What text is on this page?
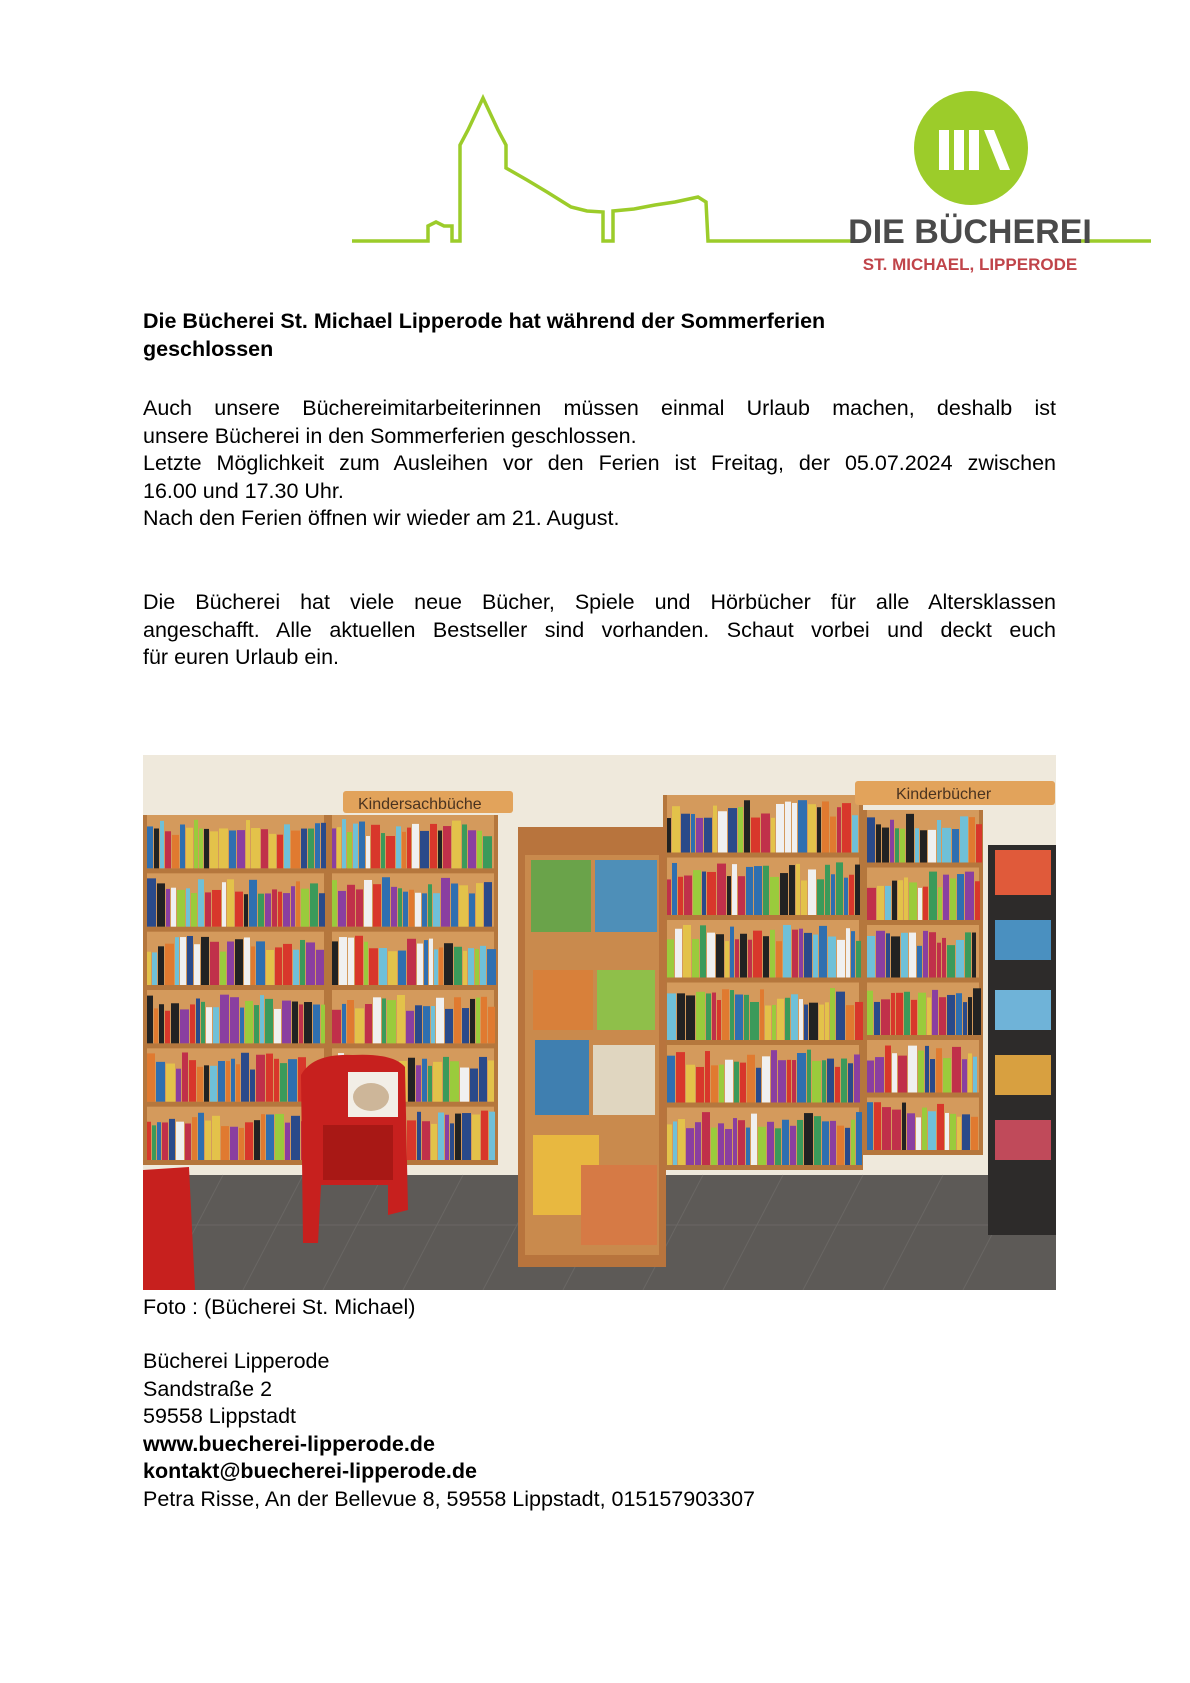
DIE BÜCHEREI
ST. MICHAEL, LIPPERODE
Die Bücherei St. Michael Lipperode hat während der Sommerferien geschlossen
Auch unsere Büchereimitarbeiterinnen müssen einmal Urlaub machen, deshalb ist
unsere Bücherei in den Sommerferien geschlossen.
Letzte Möglichkeit zum Ausleihen vor den Ferien ist Freitag, der 05.07.2024 zwischen
16.00 und 17.30 Uhr.
Nach den Ferien öffnen wir wieder am 21. August.
Die Bücherei hat viele neue Bücher, Spiele und Hörbücher für alle Altersklassen
angeschafft. Alle aktuellen Bestseller sind vorhanden. Schaut vorbei und deckt euch
für euren Urlaub ein.
Kindersachbüche
Kinderbücher
Foto : (Bücherei St. Michael)
Bücherei Lipperode
Sandstraße 2
59558 Lippstadt
www.buecherei-lipperode.de
kontakt@buecherei-lipperode.de
Petra Risse, An der Bellevue 8, 59558 Lippstadt, 015157903307
